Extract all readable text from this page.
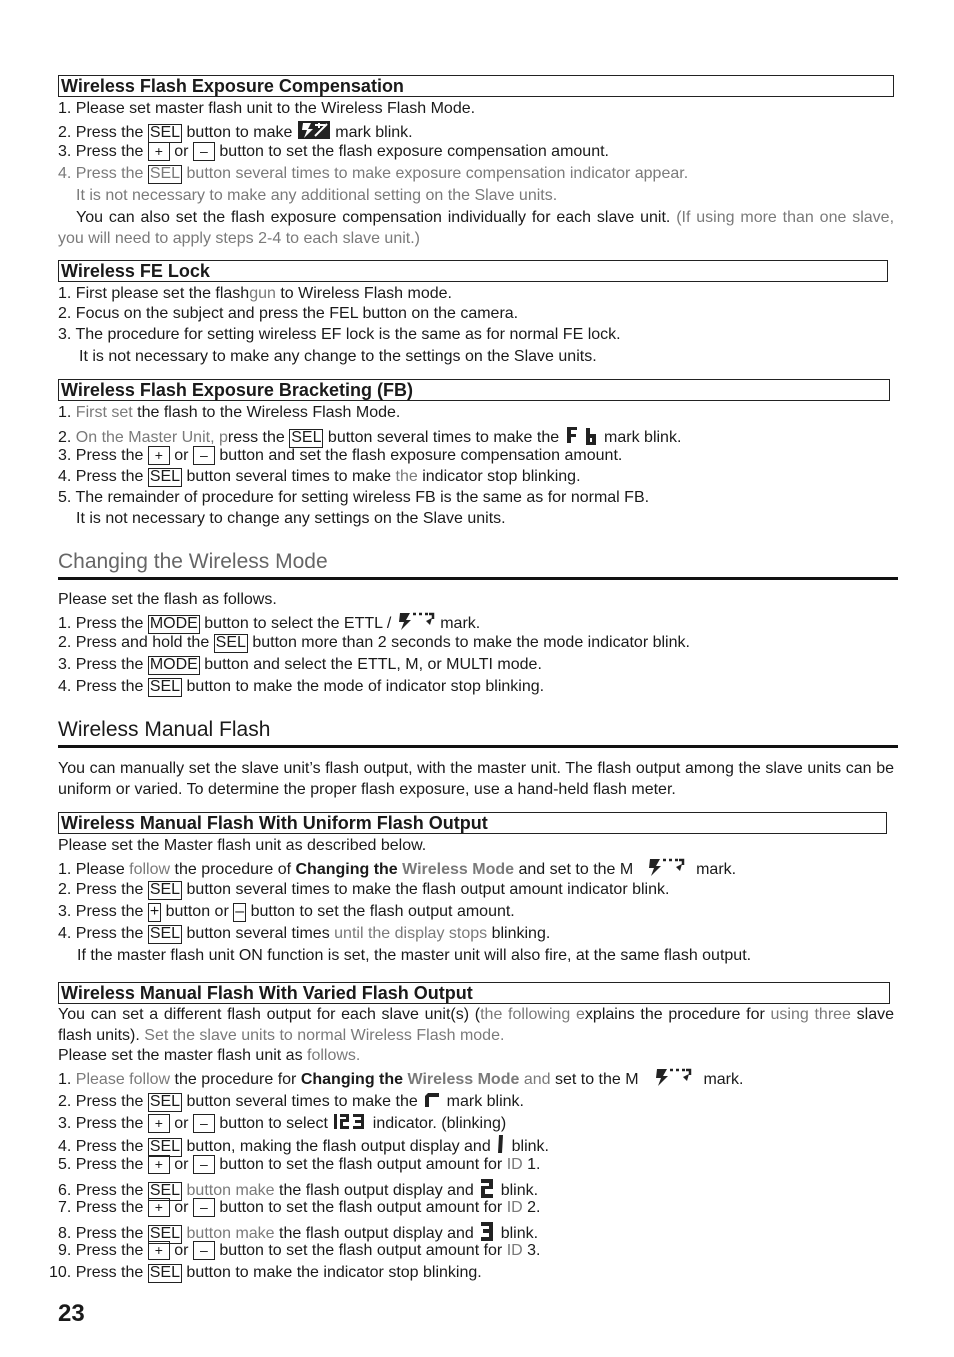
Wireless Flash Exposure Compensation
1. Please set master flash unit to the Wireless Flash Mode.
2. Press the SEL button to make  mark blink.
3. Press the + or – button to set the flash exposure compensation amount.
4. Press the SEL button several times to make exposure compensation indicator appear.
It is not necessary to make any additional setting on the Slave units.
You can also set the flash exposure compensation individually for each slave unit. (If using more than one slave, you will need to apply steps 2-4 to each slave unit.)
Wireless FE Lock
1. First please set the flashgun to Wireless Flash mode.
2. Focus on the subject and press the FEL button on the camera.
3. The procedure for setting wireless EF lock is the same as for normal FE lock.
It is not necessary to make any change to the settings on the Slave units.
Wireless Flash Exposure Bracketing (FB)
1. First set the flash to the Wireless Flash Mode.
2. On the Master Unit, press the SEL button several times to make the  mark blink.
3. Press the + or – button and set the flash exposure compensation amount.
4. Press the SEL button several times to make the indicator stop blinking.
5. The remainder of procedure for setting wireless FB is the same as for normal FB.
It is not necessary to change any settings on the Slave units.
Changing the Wireless Mode
Please set the flash as follows.
1. Press the MODE button to select the ETTL /	mark.
2. Press and hold the SEL button more than 2 seconds to make the mode indicator blink.
3. Press the MODE button and select the ETTL, M, or MULTI mode.
4. Press the SEL button to make the mode of indicator stop blinking.
Wireless Manual Flash
You can manually set the slave unit’s flash output, with the master unit. The flash output among the slave units can be uniform or varied. To determine the proper flash exposure, use a hand-held flash meter.
Wireless Manual Flash With Uniform Flash Output
Please set the Master flash unit as described below.
1. Please follow the procedure of Changing the Wireless Mode and set to the M	mark.
2. Press the SEL button several times to make the flash output amount indicator blink.
3. Press the + button or – button to set the flash output amount.
4. Press the SEL button several times until the display stops blinking.
If the master flash unit ON function is set, the master unit will also fire, at the same flash output.
Wireless Manual Flash With Varied Flash Output
You can set a different flash output for each slave unit(s) (the following explains the procedure for using three slave flash units). Set the slave units to normal Wireless Flash mode.
Please set the master flash unit as follows.
1. Please follow the procedure for Changing the Wireless Mode and set to the M	mark.
2. Press the SEL button several times to make the  mark blink.
3. Press the + or – button to select  indicator. (blinking)
4. Press the SEL button, making the flash output display and  blink.
5. Press the + or – button to set the flash output amount for ID 1.
6. Press the SEL button make the flash output display and  blink.
7. Press the + or – button to set the flash output amount for ID 2.
8. Press the SEL button make the flash output display and  blink.
9. Press the + or – button to set the flash output amount for ID 3.
10. Press the SEL button to make the indicator stop blinking.
23
